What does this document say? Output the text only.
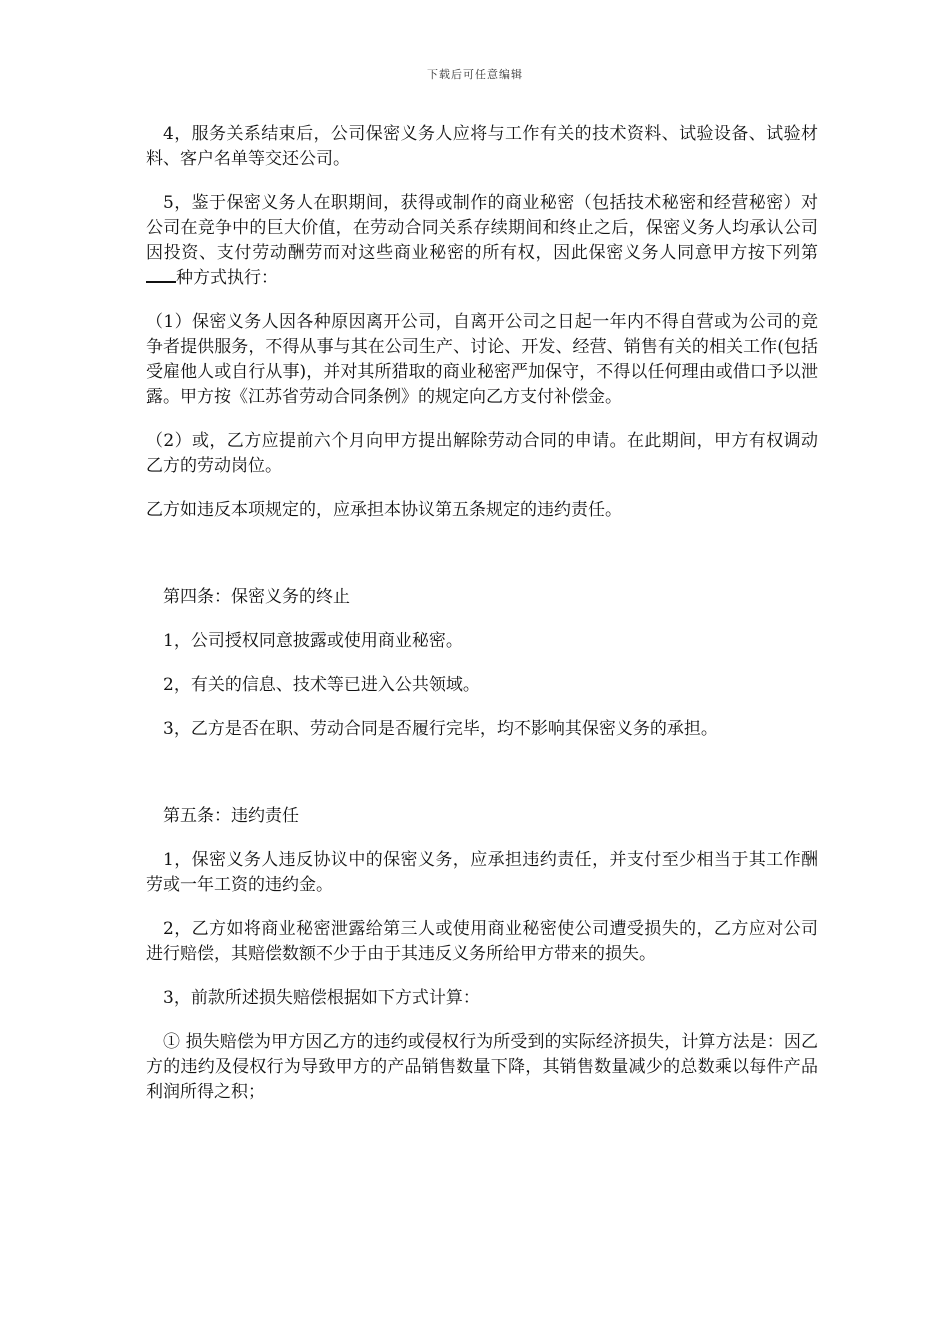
下载后可任意编辑

4，服务关系结束后，公司保密义务人应将与工作有关的技术资料、试验设备、试验材料、客户名单等交还公司。

5，鉴于保密义务人在职期间，获得或制作的商业秘密（包括技术秘密和经营秘密）对公司在竞争中的巨大价值，在劳动合同关系存续期间和终止之后，保密义务人均承认公司因投资、支付劳动酬劳而对这些商业秘密的所有权，因此保密义务人同意甲方按下列第种方式执行：

（1）保密义务人因各种原因离开公司，自离开公司之日起一年内不得自营或为公司的竞争者提供服务，不得从事与其在公司生产、讨论、开发、经营、销售有关的相关工作(包括受雇他人或自行从事)，并对其所猎取的商业秘密严加保守，不得以任何理由或借口予以泄露。甲方按《江苏省劳动合同条例》的规定向乙方支付补偿金。

（2）或，乙方应提前六个月向甲方提出解除劳动合同的申请。在此期间，甲方有权调动乙方的劳动岗位。

乙方如违反本项规定的，应承担本协议第五条规定的违约责任。

第四条：保密义务的终止

1，公司授权同意披露或使用商业秘密。

2，有关的信息、技术等已进入公共领域。

3，乙方是否在职、劳动合同是否履行完毕，均不影响其保密义务的承担。

第五条：违约责任

1，保密义务人违反协议中的保密义务，应承担违约责任，并支付至少相当于其工作酬劳或一年工资的违约金。

2，乙方如将商业秘密泄露给第三人或使用商业秘密使公司遭受损失的，乙方应对公司进行赔偿，其赔偿数额不少于由于其违反义务所给甲方带来的损失。

3，前款所述损失赔偿根据如下方式计算：

① 损失赔偿为甲方因乙方的违约或侵权行为所受到的实际经济损失，计算方法是：因乙方的违约及侵权行为导致甲方的产品销售数量下降，其销售数量减少的总数乘以每件产品利润所得之积；
